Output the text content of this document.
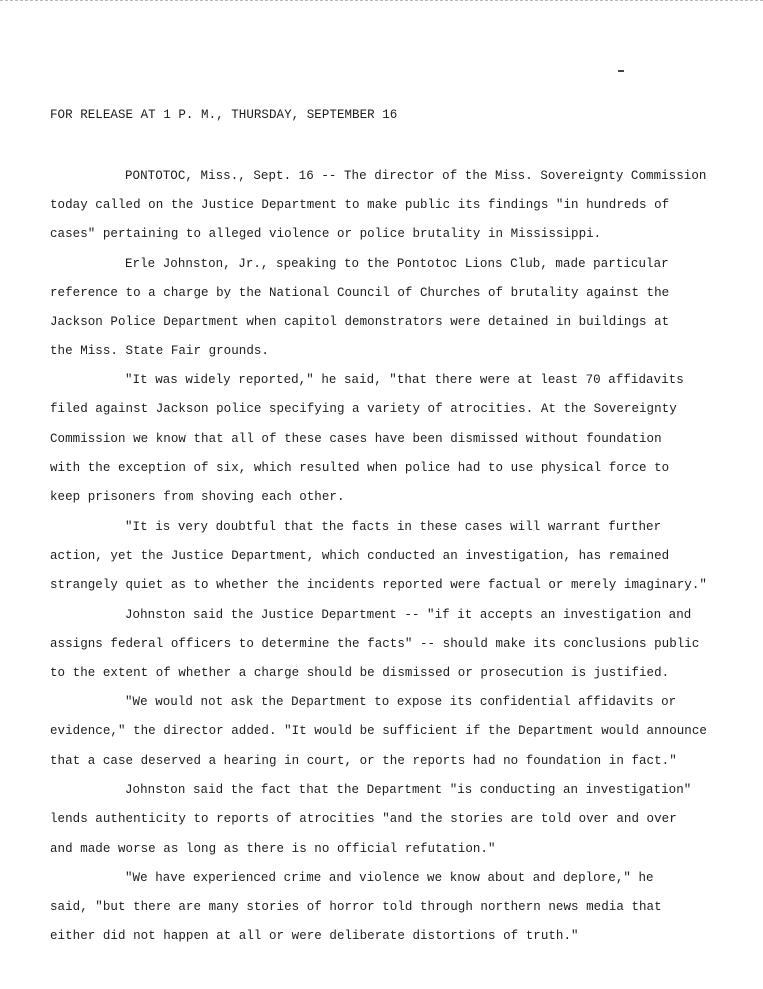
FOR RELEASE AT 1 P. M., THURSDAY, SEPTEMBER 16
PONTOTOC, Miss., Sept. 16 -- The director of the Miss. Sovereignty Commission
today called on the Justice Department to make public its findings "in hundreds of
cases" pertaining to alleged violence or police brutality in Mississippi.
Erle Johnston, Jr., speaking to the Pontotoc Lions Club, made particular
reference to a charge by the National Council of Churches of brutality against the
Jackson Police Department when capitol demonstrators were detained in buildings at
the Miss. State Fair grounds.
"It was widely reported," he said, "that there were at least 70 affidavits
filed against Jackson police specifying a variety of atrocities. At the Sovereignty
Commission we know that all of these cases have been dismissed without foundation
with the exception of six, which resulted when police had to use physical force to
keep prisoners from shoving each other.
"It is very doubtful that the facts in these cases will warrant further
action, yet the Justice Department, which conducted an investigation, has remained
strangely quiet as to whether the incidents reported were factual or merely imaginary."
Johnston said the Justice Department -- "if it accepts an investigation and
assigns federal officers to determine the facts" -- should make its conclusions public
to the extent of whether a charge should be dismissed or prosecution is justified.
"We would not ask the Department to expose its confidential affidavits or
evidence," the director added. "It would be sufficient if the Department would announce
that a case deserved a hearing in court, or the reports had no foundation in fact."
Johnston said the fact that the Department "is conducting an investigation"
lends authenticity to reports of atrocities "and the stories are told over and over
and made worse as long as there is no official refutation."
"We have experienced crime and violence we know about and deplore," he
said, "but there are many stories of horror told through northern news media that
either did not happen at all or were deliberate distortions of truth."
